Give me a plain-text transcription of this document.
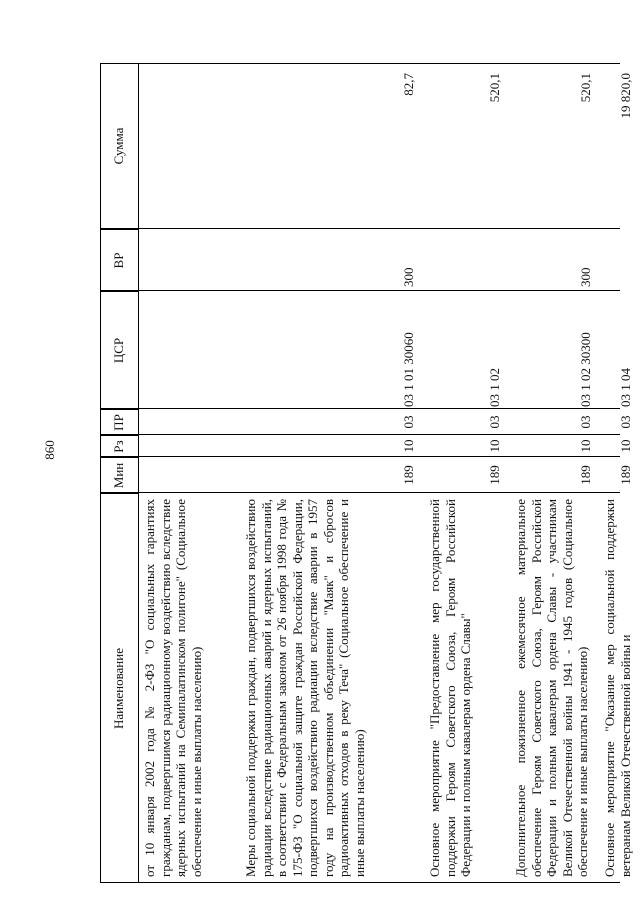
860
Наименование
Мин
Рз
ПР
ЦСР
ВР
Сумма
от 10 января 2002 года № 2-ФЗ "О социальных гарантиях гражданам, подвергшимся радиационному воздействию вследствие ядерных испытаний на Семипалатинском полигоне" (Социальное обеспечение и иные выплаты населению)	Меры социальной поддержки граждан, подвергшихся воздействию радиации вследствие радиационных аварий и ядерных испытаний, в соответствии с Федеральным законом от 26 ноября 1998 года № 175-ФЗ "О социальной защите граждан Российской Федерации, подвергшихся воздействию радиации вследствие аварии в 1957 году на производственном объединении "Маяк" и сбросов радиоактивных отходов в реку Теча" (Социальное обеспечение и иные выплаты населению)
189
10
03
03 1 01 30060
300
82,7
Основное мероприятие "Предоставление мер государственной поддержки Героям Советского Союза, Героям Российской Федерации и полным кавалерам ордена Славы"
189
10
03
03 1 02
520,1
Дополнительное пожизненное ежемесячное материальное обеспечение Героям Советского Союза, Героям Российской Федерации и полным кавалерам ордена Славы - участникам Великой Отечественной войны 1941 - 1945 годов (Социальное обеспечение и иные выплаты населению)
189
10
03
03 1 02 30300
300
520,1
Основное мероприятие "Оказание мер социальной поддержки ветеранам Великой Отечественной войны и
189
10
03
03 1 04
19 820,0
